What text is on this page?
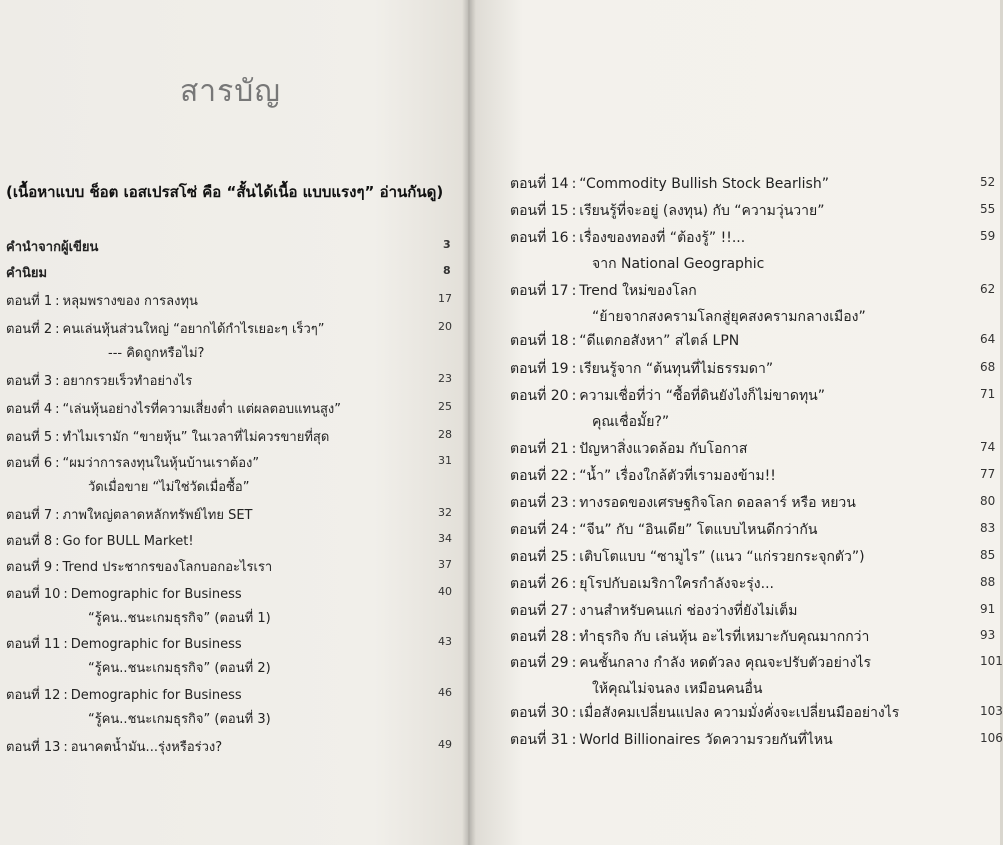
สารบัญ
(เนื้อหาแบบ ช็อต เอสเปรสโซ่ คือ “สั้นได้เนื้อ แบบแรงๆ” อ่านกันดู)
คำนำจากผู้เขียน	3
คำนิยม	8
ตอนที่ 1 : หลุมพรางของ การลงทุน	17
ตอนที่ 2 : คนเล่นหุ้นส่วนใหญ่ “อยากได้กำไรเยอะๆ เร็วๆ”	20
--- คิดถูกหรือไม่?
ตอนที่ 3 : อยากรวยเร็วทำอย่างไร	23
ตอนที่ 4 : “เล่นหุ้นอย่างไรที่ความเสี่ยงต่ำ แต่ผลตอบแทนสูง”	25
ตอนที่ 5 : ทำไมเรามัก “ขายหุ้น” ในเวลาที่ไม่ควรขายที่สุด	28
ตอนที่ 6 : “ผมว่าการลงทุนในหุ้นบ้านเราต้อง”	31
วัดเมื่อขาย “ไม่ใช่วัดเมื่อซื้อ”
ตอนที่ 7 : ภาพใหญ่ตลาดหลักทรัพย์ไทย SET	32
ตอนที่ 8 : Go for BULL Market!	34
ตอนที่ 9 : Trend ประชากรของโลกบอกอะไรเรา	37
ตอนที่ 10 : Demographic for Business	40
“รู้คน..ชนะเกมธุรกิจ” (ตอนที่ 1)
ตอนที่ 11 : Demographic for Business	43
“รู้คน..ชนะเกมธุรกิจ” (ตอนที่ 2)
ตอนที่ 12 : Demographic for Business	46
“รู้คน..ชนะเกมธุรกิจ” (ตอนที่ 3)
ตอนที่ 13 : อนาคตน้ำมัน...รุ่งหรือร่วง?	49
ตอนที่ 14 : “Commodity Bullish Stock Bearlish”	52
ตอนที่ 15 : เรียนรู้ที่จะอยู่ (ลงทุน) กับ “ความวุ่นวาย”	55
ตอนที่ 16 : เรื่องของทองที่ “ต้องรู้” !!...	59
จาก National Geographic
ตอนที่ 17 : Trend ใหม่ของโลก	62
“ย้ายจากสงครามโลกสู่ยุคสงครามกลางเมือง”
ตอนที่ 18 : “ดีแตกอสังหา” สไตล์ LPN	64
ตอนที่ 19 : เรียนรู้จาก “ต้นทุนที่ไม่ธรรมดา”	68
ตอนที่ 20 : ความเชื่อที่ว่า “ซื้อที่ดินยังไงก็ไม่ขาดทุน”	71
คุณเชื่อมั้ย?”
ตอนที่ 21 : ปัญหาสิ่งแวดล้อม กับโอกาส	74
ตอนที่ 22 : “น้ำ” เรื่องใกล้ตัวที่เรามองข้าม!!	77
ตอนที่ 23 : ทางรอดของเศรษฐกิจโลก ดอลลาร์ หรือ หยวน	80
ตอนที่ 24 : “จีน” กับ “อินเดีย” โตแบบไหนดีกว่ากัน	83
ตอนที่ 25 : เติบโตแบบ “ซามูไร” (แนว “แก่รวยกระจุกตัว”)	85
ตอนที่ 26 : ยุโรปกับอเมริกาใครกำลังจะรุ่ง...	88
ตอนที่ 27 : งานสำหรับคนแก่ ช่องว่างที่ยังไม่เต็ม	91
ตอนที่ 28 : ทำธุรกิจ กับ เล่นหุ้น อะไรที่เหมาะกับคุณมากกว่า	93
ตอนที่ 29 : คนชั้นกลาง กำลัง หดตัวลง คุณจะปรับตัวอย่างไร	101
ให้คุณไม่จนลง เหมือนคนอื่น
ตอนที่ 30 : เมื่อสังคมเปลี่ยนแปลง ความมั่งคั่งจะเปลี่ยนมืออย่างไร	103
ตอนที่ 31 : World Billionaires วัดความรวยกันที่ไหน	106
